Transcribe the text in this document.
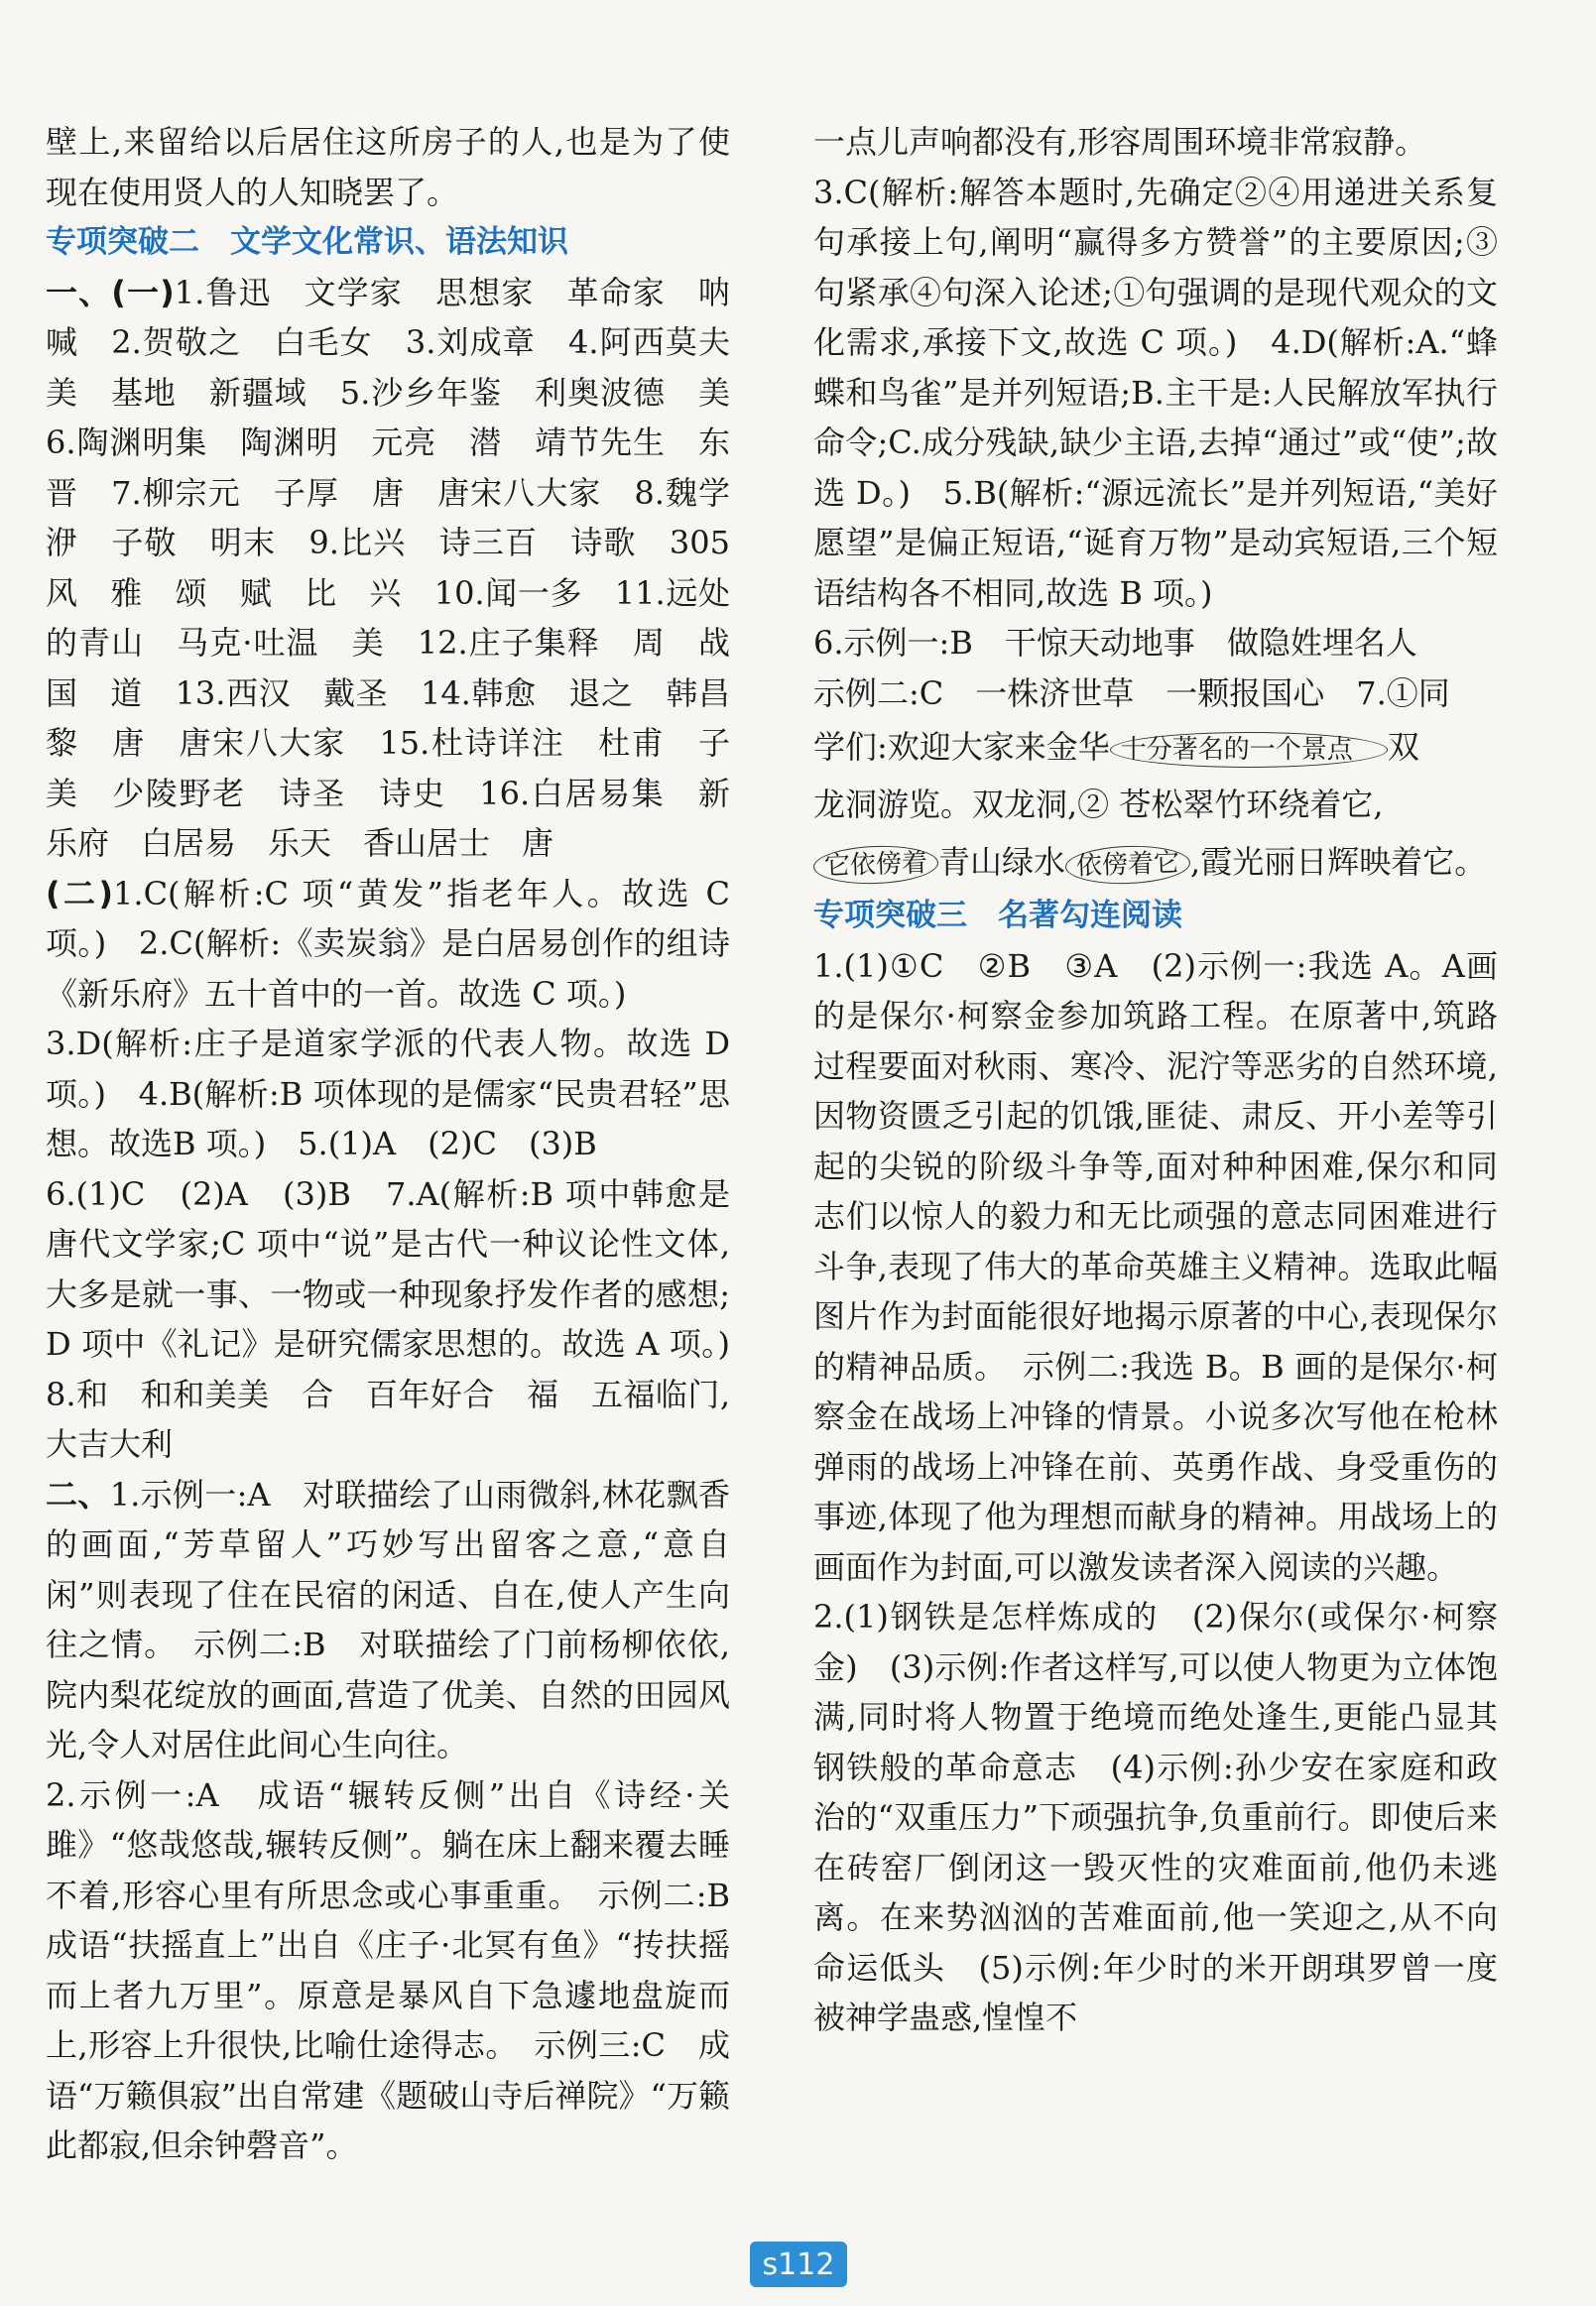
壁上,来留给以后居住这所房子的人,也是为了使现在使用贤人的人知晓罢了。

专项突破二　文学文化常识、语法知识

一、(一)1.鲁迅　文学家　思想家　革命家　呐喊　2.贺敬之　白毛女　3.刘成章　4.阿西莫夫　美　基地　新疆域　5.沙乡年鉴　利奥波德　美　6.陶渊明集　陶渊明　元亮　潜　靖节先生　东晋　7.柳宗元　子厚　唐　唐宋八大家　8.魏学洢　子敬　明末　9.比兴　诗三百　诗歌　305　风　雅　颂　赋　比　兴　10.闻一多　11.远处的青山　马克·吐温　美　12.庄子集释　周　战国　道　13.西汉　戴圣　14.韩愈　退之　韩昌黎　唐　唐宋八大家　15.杜诗详注　杜甫　子美　少陵野老　诗圣　诗史　16.白居易集　新乐府　白居易　乐天　香山居士　唐

(二)1.C(解析:C 项“黄发”指老年人。故选 C 项。)　2.C(解析:《卖炭翁》是白居易创作的组诗《新乐府》五十首中的一首。故选 C 项。)

3.D(解析:庄子是道家学派的代表人物。故选 D 项。)　4.B(解析:B 项体现的是儒家“民贵君轻”思想。故选B 项。)　5.(1)A　(2)C　(3)B

6.(1)C　(2)A　(3)B　7.A(解析:B 项中韩愈是唐代文学家;C 项中“说”是古代一种议论性文体,大多是就一事、一物或一种现象抒发作者的感想;D 项中《礼记》是研究儒家思想的。故选 A 项。)　8.和　和和美美　合　百年好合　福　五福临门,大吉大利

二、1.示例一:A　对联描绘了山雨微斜,林花飘香的画面,“芳草留人”巧妙写出留客之意,“意自闲”则表现了住在民宿的闲适、自在,使人产生向往之情。　示例二:B　对联描绘了门前杨柳依依,院内梨花绽放的画面,营造了优美、自然的田园风光,令人对居住此间心生向往。

2.示例一:A　成语“辗转反侧”出自《诗经·关雎》“悠哉悠哉,辗转反侧”。躺在床上翻来覆去睡不着,形容心里有所思念或心事重重。　示例二:B　成语“扶摇直上”出自《庄子·北冥有鱼》“抟扶摇而上者九万里”。原意是暴风自下急遽地盘旋而上,形容上升很快,比喻仕途得志。　示例三:C　成语“万籁俱寂”出自常建《题破山寺后禅院》“万籁此都寂,但余钟磬音”。

一点儿声响都没有,形容周围环境非常寂静。

3.C(解析:解答本题时,先确定②④用递进关系复句承接上句,阐明“赢得多方赞誉”的主要原因;③句紧承④句深入论述;①句强调的是现代观众的文化需求,承接下文,故选 C 项。)　4.D(解析:A.“蜂蝶和鸟雀”是并列短语;B.主干是:人民解放军执行命令;C.成分残缺,缺少主语,去掉“通过”或“使”;故选 D。)　5.B(解析:“源远流长”是并列短语,“美好愿望”是偏正短语,“诞育万物”是动宾短语,三个短语结构各不相同,故选 B 项。)

6.示例一:B　干惊天动地事　做隐姓埋名人

示例二:C　一株济世草　一颗报国心　7.①同

学们:欢迎大家来金华 十分著名的一个景点 双

龙洞游览。双龙洞,② 苍松翠竹环绕着它,

它依傍着 青山绿水 依傍着它 ,霞光丽日辉映着它。

专项突破三　名著勾连阅读

1.(1)①C　②B　③A　(2)示例一:我选 A。A画的是保尔·柯察金参加筑路工程。在原著中,筑路过程要面对秋雨、寒冷、泥泞等恶劣的自然环境,因物资匮乏引起的饥饿,匪徒、肃反、开小差等引起的尖锐的阶级斗争等,面对种种困难,保尔和同志们以惊人的毅力和无比顽强的意志同困难进行斗争,表现了伟大的革命英雄主义精神。选取此幅图片作为封面能很好地揭示原著的中心,表现保尔的精神品质。　示例二:我选 B。B 画的是保尔·柯察金在战场上冲锋的情景。小说多次写他在枪林弹雨的战场上冲锋在前、英勇作战、身受重伤的事迹,体现了他为理想而献身的精神。用战场上的画面作为封面,可以激发读者深入阅读的兴趣。

2.(1)钢铁是怎样炼成的　(2)保尔(或保尔·柯察金)　(3)示例:作者这样写,可以使人物更为立体饱满,同时将人物置于绝境而绝处逢生,更能凸显其钢铁般的革命意志　(4)示例:孙少安在家庭和政治的“双重压力”下顽强抗争,负重前行。即使后来在砖窑厂倒闭这一毁灭性的灾难面前,他仍未逃离。在来势汹汹的苦难面前,他一笑迎之,从不向命运低头　(5)示例:年少时的米开朗琪罗曾一度被神学蛊惑,惶惶不

s112
